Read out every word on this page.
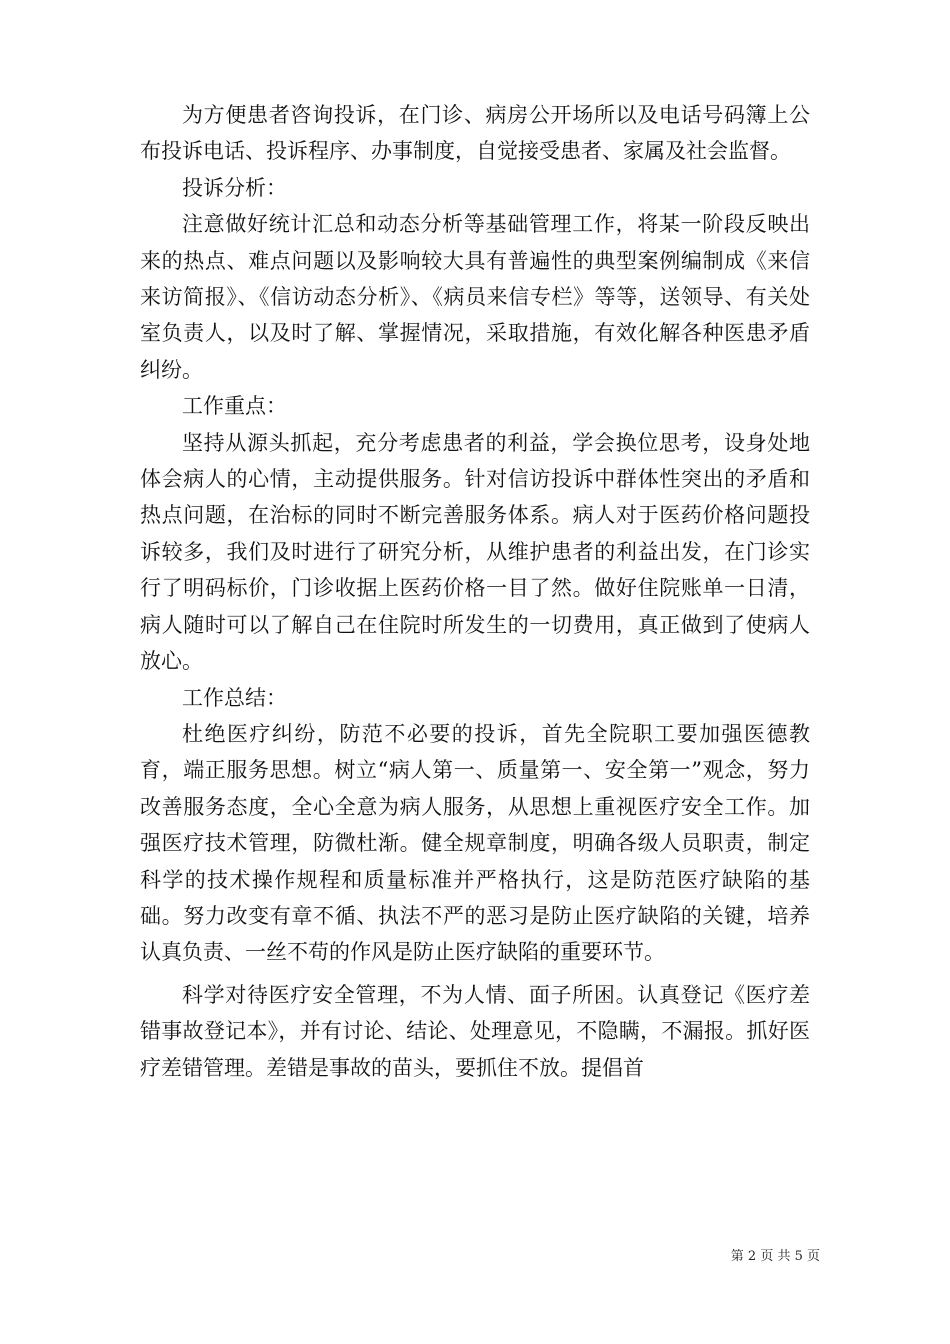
为方便患者咨询投诉，在门诊、病房公开场所以及电话号码簿上公布投诉电话、投诉程序、办事制度，自觉接受患者、家属及社会监督。

投诉分析：

注意做好统计汇总和动态分析等基础管理工作，将某一阶段反映出来的热点、难点问题以及影响较大具有普遍性的典型案例编制成《来信来访简报》、《信访动态分析》、《病员来信专栏》等等，送领导、有关处室负责人，以及时了解、掌握情况，采取措施，有效化解各种医患矛盾纠纷。

工作重点：

坚持从源头抓起，充分考虑患者的利益，学会换位思考，设身处地体会病人的心情，主动提供服务。针对信访投诉中群体性突出的矛盾和热点问题，在治标的同时不断完善服务体系。病人对于医药价格问题投诉较多，我们及时进行了研究分析，从维护患者的利益出发，在门诊实行了明码标价，门诊收据上医药价格一目了然。做好住院账单一日清，病人随时可以了解自己在住院时所发生的一切费用，真正做到了使病人放心。

工作总结：

杜绝医疗纠纷，防范不必要的投诉，首先全院职工要加强医德教育，端正服务思想。树立“病人第一、质量第一、安全第一”观念，努力改善服务态度，全心全意为病人服务，从思想上重视医疗安全工作。加强医疗技术管理，防微杜渐。健全规章制度，明确各级人员职责，制定科学的技术操作规程和质量标准并严格执行，这是防范医疗缺陷的基础。努力改变有章不循、执法不严的恶习是防止医疗缺陷的关键，培养认真负责、一丝不苟的作风是防止医疗缺陷的重要环节。

科学对待医疗安全管理，不为人情、面子所困。认真登记《医疗差错事故登记本》，并有讨论、结论、处理意见，不隐瞒，不漏报。抓好医疗差错管理。差错是事故的苗头，要抓住不放。提倡首

第 2 页 共 5 页
